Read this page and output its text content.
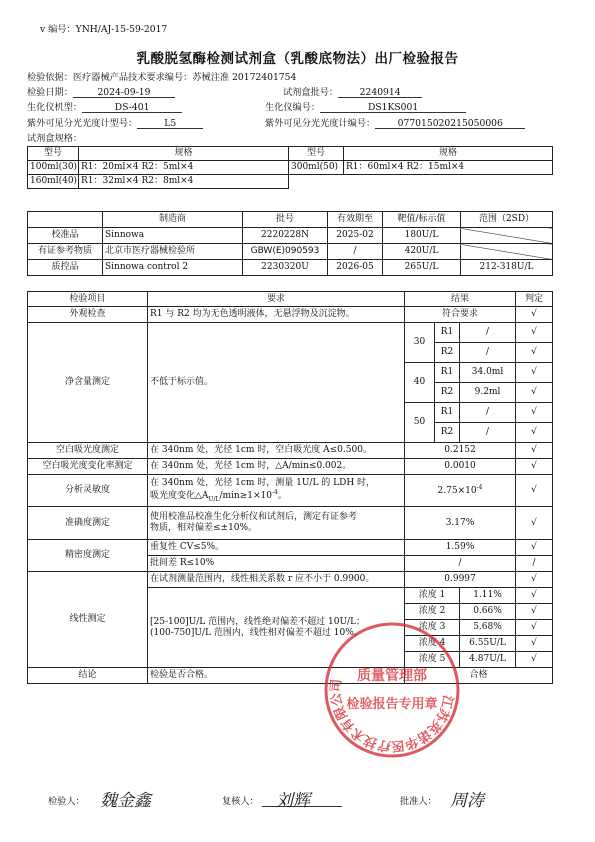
v 编号：YNH/AJ-15-59-2017
乳酸脱氢酶检测试剂盒（乳酸底物法）出厂检验报告
检验依据：医疗器械产品技术要求编号：苏械注准 20172401754
检验日期：	2024-09-19	试剂盒批号： 2240914
生化仪机型：	DS-401	生化仪编号：	DS1KS001
紫外可见分光光度计型号：	L5	紫外可见分光光度计编号： 077015020215050006
试剂盒规格：
型号	规格	型号	规格
100ml(30)	R1：20ml×4 R2：5ml×4	300ml(50)	R1：60ml×4 R2：15ml×4
160ml(40)	R1：32ml×4 R2：8ml×4		
	制造商	批号	有效期至	靶值/标示值	范围（2SD）
校准品	Sinnowa	2220228N	2025-02	180U/L	
有证参考物质	北京市医疗器械检验所	GBW(E)090593	/	420U/L	
质控品	Sinnowa control 2	2230320U	2026-05	265U/L	212-318U/L
检验项目	要求	结果			判定
外观检查	R1 与 R2 均为无色透明液体，无悬浮物及沉淀物。	符合要求			√
净含量测定	不低于标示值。	30	R1	/	√
			R2	/	√
		40	R1	34.0ml	√
			R2	9.2ml	√
		50	R1	/	√
			R2	/	√
空白吸光度测定	在 340nm 处，光径 1cm 时，空白吸光度 A≤0.500。	0.2152			√
空白吸光度变化率测定	在 340nm 处，光径 1cm 时，△A/min≤0.002。	0.0010			√
分析灵敏度	在 340nm 处，光径 1cm 时，测量 1U/L 的 LDH 时，
吸光度变化$\triangle A_{U/L}/\min\ge 1\times 10^{-4}$。	$2.75\times 10^{-4}$			√
准确度测定	使用校准品校准生化分析仪和试剂后，测定有证参考
物质，相对偏差≤±10%。	3.17%			√
精密度测定	重复性 CV≤5%。	1.59%			√
	批间差 R≤10%	/			/
线性测定	在试剂测量范围内，线性相关系数 r 应不小于 0.9900。	0.9997			√

	[25-100]U/L 范围内，线性绝对偏差不超过 10U/L；
(100-750]U/L 范围内，线性相对偏差不超过 10%。	浓度 1		1.11%	√
		浓度 2		0.66%	√
		浓度 3		5.68%	√
		浓度 4		6.55U/L	√
		浓度 5		4.87U/L	√
结论	检验是否合格。	合格			
江苏英诺华医疗技术有限公司
质量管理部
检验报告专用章
检验人： 魏金鑫	复核人： 刘辉	批准人： 周涛
